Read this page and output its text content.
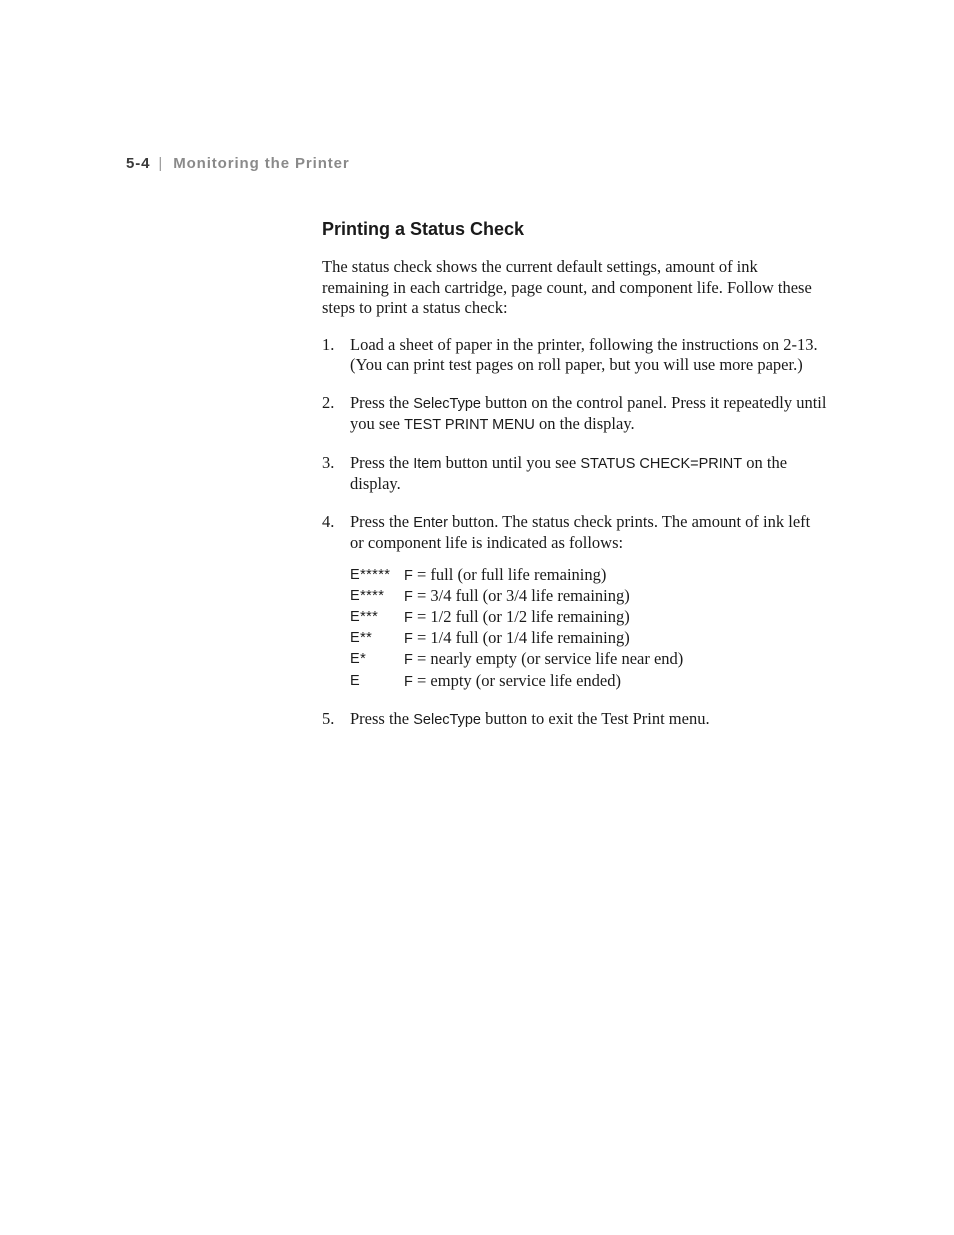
5-4 | Monitoring the Printer
Printing a Status Check

The status check shows the current default settings, amount of ink remaining in each cartridge, page count, and component life. Follow these steps to print a status check:

1. Load a sheet of paper in the printer, following the instructions on 2-13. (You can print test pages on roll paper, but you will use more paper.)
2. Press the SelecType button on the control panel. Press it repeatedly until you see TEST PRINT MENU on the display.
3. Press the Item button until you see STATUS CHECK=PRINT on the display.
4. Press the Enter button. The status check prints. The amount of ink left or component life is indicated as follows:
E***** F = full (or full life remaining)
E****	F = 3/4 full (or 3/4 life remaining)
E***	F = 1/2 full (or 1/2 life remaining)
E**	F = 1/4 full (or 1/4 life remaining)
E*	F = nearly empty (or service life near end)
E	F = empty (or service life ended)
5. Press the SelecType button to exit the Test Print menu.
